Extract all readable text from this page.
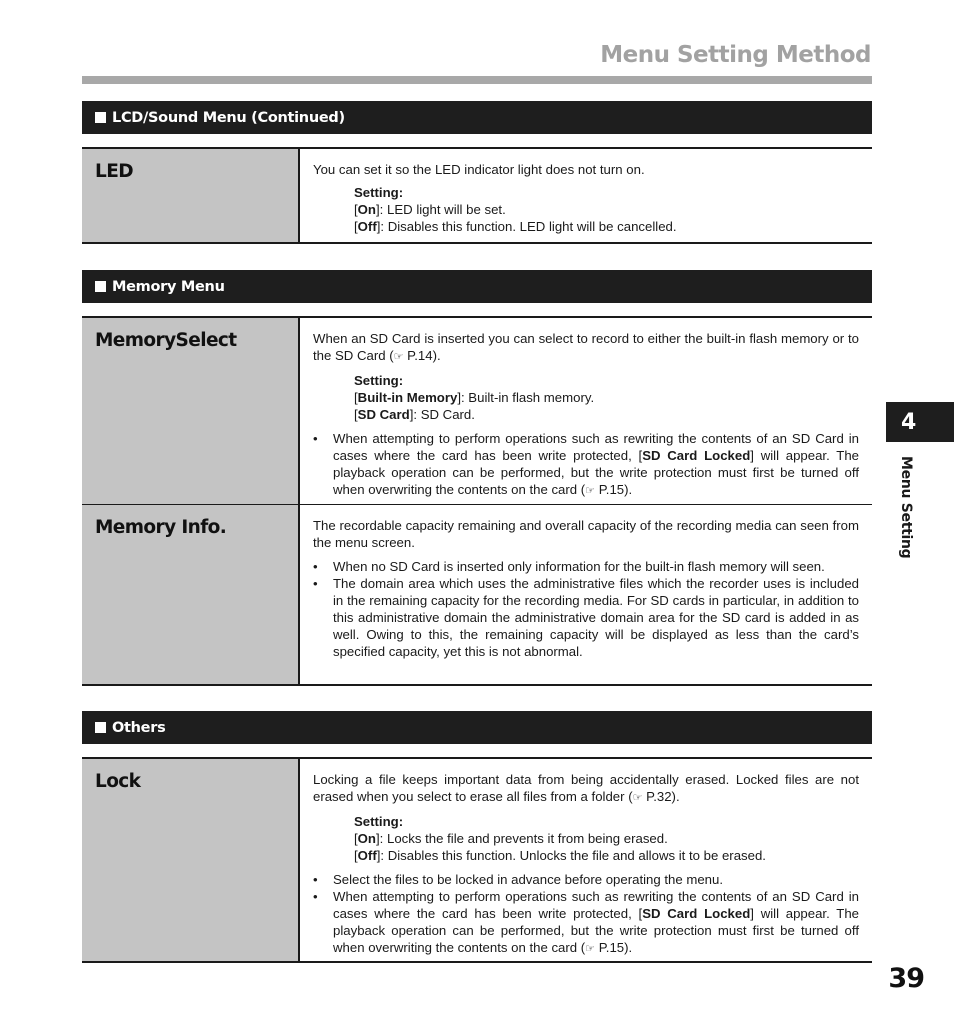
Menu Setting Method
LCD/Sound Menu (Continued)
LED	You can set it so the LED indicator light does not turn on.

Setting:
[On]: LED light will be set.
[Off]: Disables this function. LED light will be cancelled.
Memory Menu
MemorySelect	When an SD Card is inserted you can select to record to either the built-in flash memory or to the SD Card (☞ P.14).

Setting:
[Built-in Memory]: Built-in flash memory.
[SD Card]: SD Card.
• When attempting to perform operations such as rewriting the contents of an SD Card in cases where the card has been write protected, [SD Card Locked] will appear. The playback operation can be performed, but the write protection must first be turned off when overwriting the contents on the card (☞ P.15).
Memory Info.	The recordable capacity remaining and overall capacity of the recording media can seen from the menu screen.

• When no SD Card is inserted only information for the built-in flash memory will seen.
• The domain area which uses the administrative files which the recorder uses is included in the remaining capacity for the recording media. For SD cards in particular, in addition to this administrative domain the administrative domain area for the SD card is added in as well. Owing to this, the remaining capacity will be displayed as less than the card’s specified capacity, yet this is not abnormal.
Others
Lock	Locking a file keeps important data from being accidentally erased. Locked files are not erased when you select to erase all files from a folder (☞ P.32).

Setting:
[On]: Locks the file and prevents it from being erased.
[Off]: Disables this function. Unlocks the file and allows it to be erased.
• Select the files to be locked in advance before operating the menu.
• When attempting to perform operations such as rewriting the contents of an SD Card in cases where the card has been write protected, [SD Card Locked] will appear. The playback operation can be performed, but the write protection must first be turned off when overwriting the contents on the card (☞ P.15).
4
Menu Setting
39
